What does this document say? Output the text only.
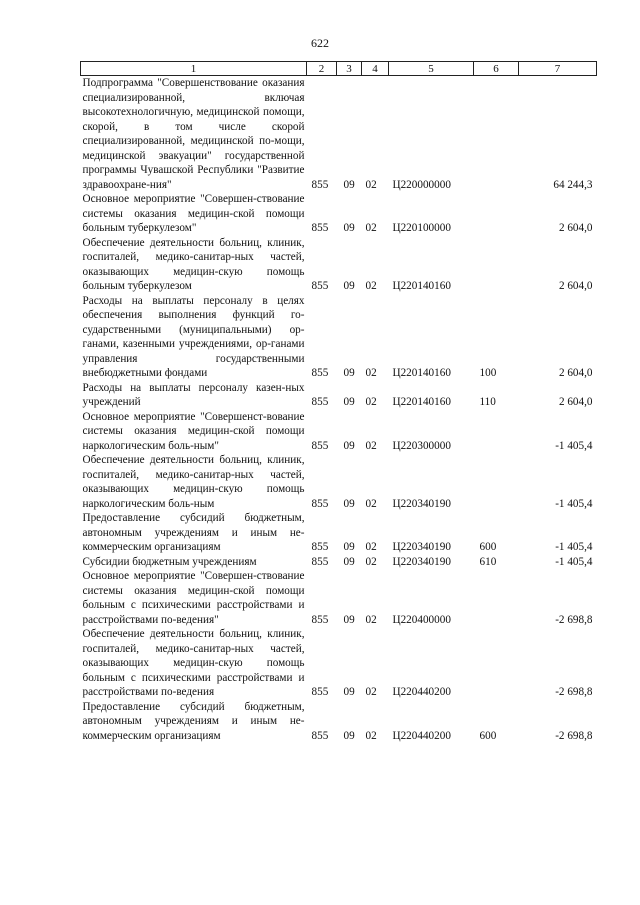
622
1	2	3	4	5	6	7
Подпрограмма "Совершенствование оказания специализированной, включая высокотехнологичную, медицинской помощи, скорой, в том числе скорой специализированной, медицинской по-мощи, медицинской эвакуации" государственной программы Чувашской Республики "Развитие здравоохране-ния"	855	09	02	Ц220000000		64 244,3
Основное мероприятие "Совершен-ствование системы оказания медицин-ской помощи больным туберкулезом"	855	09	02	Ц220100000		2 604,0
Обеспечение деятельности больниц, клиник, госпиталей, медико-санитар-ных частей, оказывающих медицин-скую помощь больным туберкулезом	855	09	02	Ц220140160		2 604,0
Расходы на выплаты персоналу в целях обеспечения выполнения функций го-сударственными (муниципальными) ор-ганами, казенными учреждениями, ор-ганами управления государственными внебюджетными фондами	855	09	02	Ц220140160	100	2 604,0
Расходы на выплаты персоналу казен-ных учреждений	855	09	02	Ц220140160	110	2 604,0
Основное мероприятие "Совершенст-вование системы оказания медицин-ской помощи наркологическим боль-ным"	855	09	02	Ц220300000		-1 405,4
Обеспечение деятельности больниц, клиник, госпиталей, медико-санитар-ных частей, оказывающих медицин-скую помощь наркологическим боль-ным	855	09	02	Ц220340190		-1 405,4
Предоставление субсидий бюджетным, автономным учреждениям и иным не-коммерческим организациям	855	09	02	Ц220340190	600	-1 405,4
Субсидии бюджетным учреждениям	855	09	02	Ц220340190	610	-1 405,4
Основное мероприятие "Совершен-ствование системы оказания медицин-ской помощи больным с психическими расстройствами и расстройствами по-ведения"	855	09	02	Ц220400000		-2 698,8
Обеспечение деятельности больниц, клиник, госпиталей, медико-санитар-ных частей, оказывающих медицин-скую помощь больным с психическими расстройствами и расстройствами по-ведения	855	09	02	Ц220440200		-2 698,8
Предоставление субсидий бюджетным, автономным учреждениям и иным не-коммерческим организациям	855	09	02	Ц220440200	600	-2 698,8
